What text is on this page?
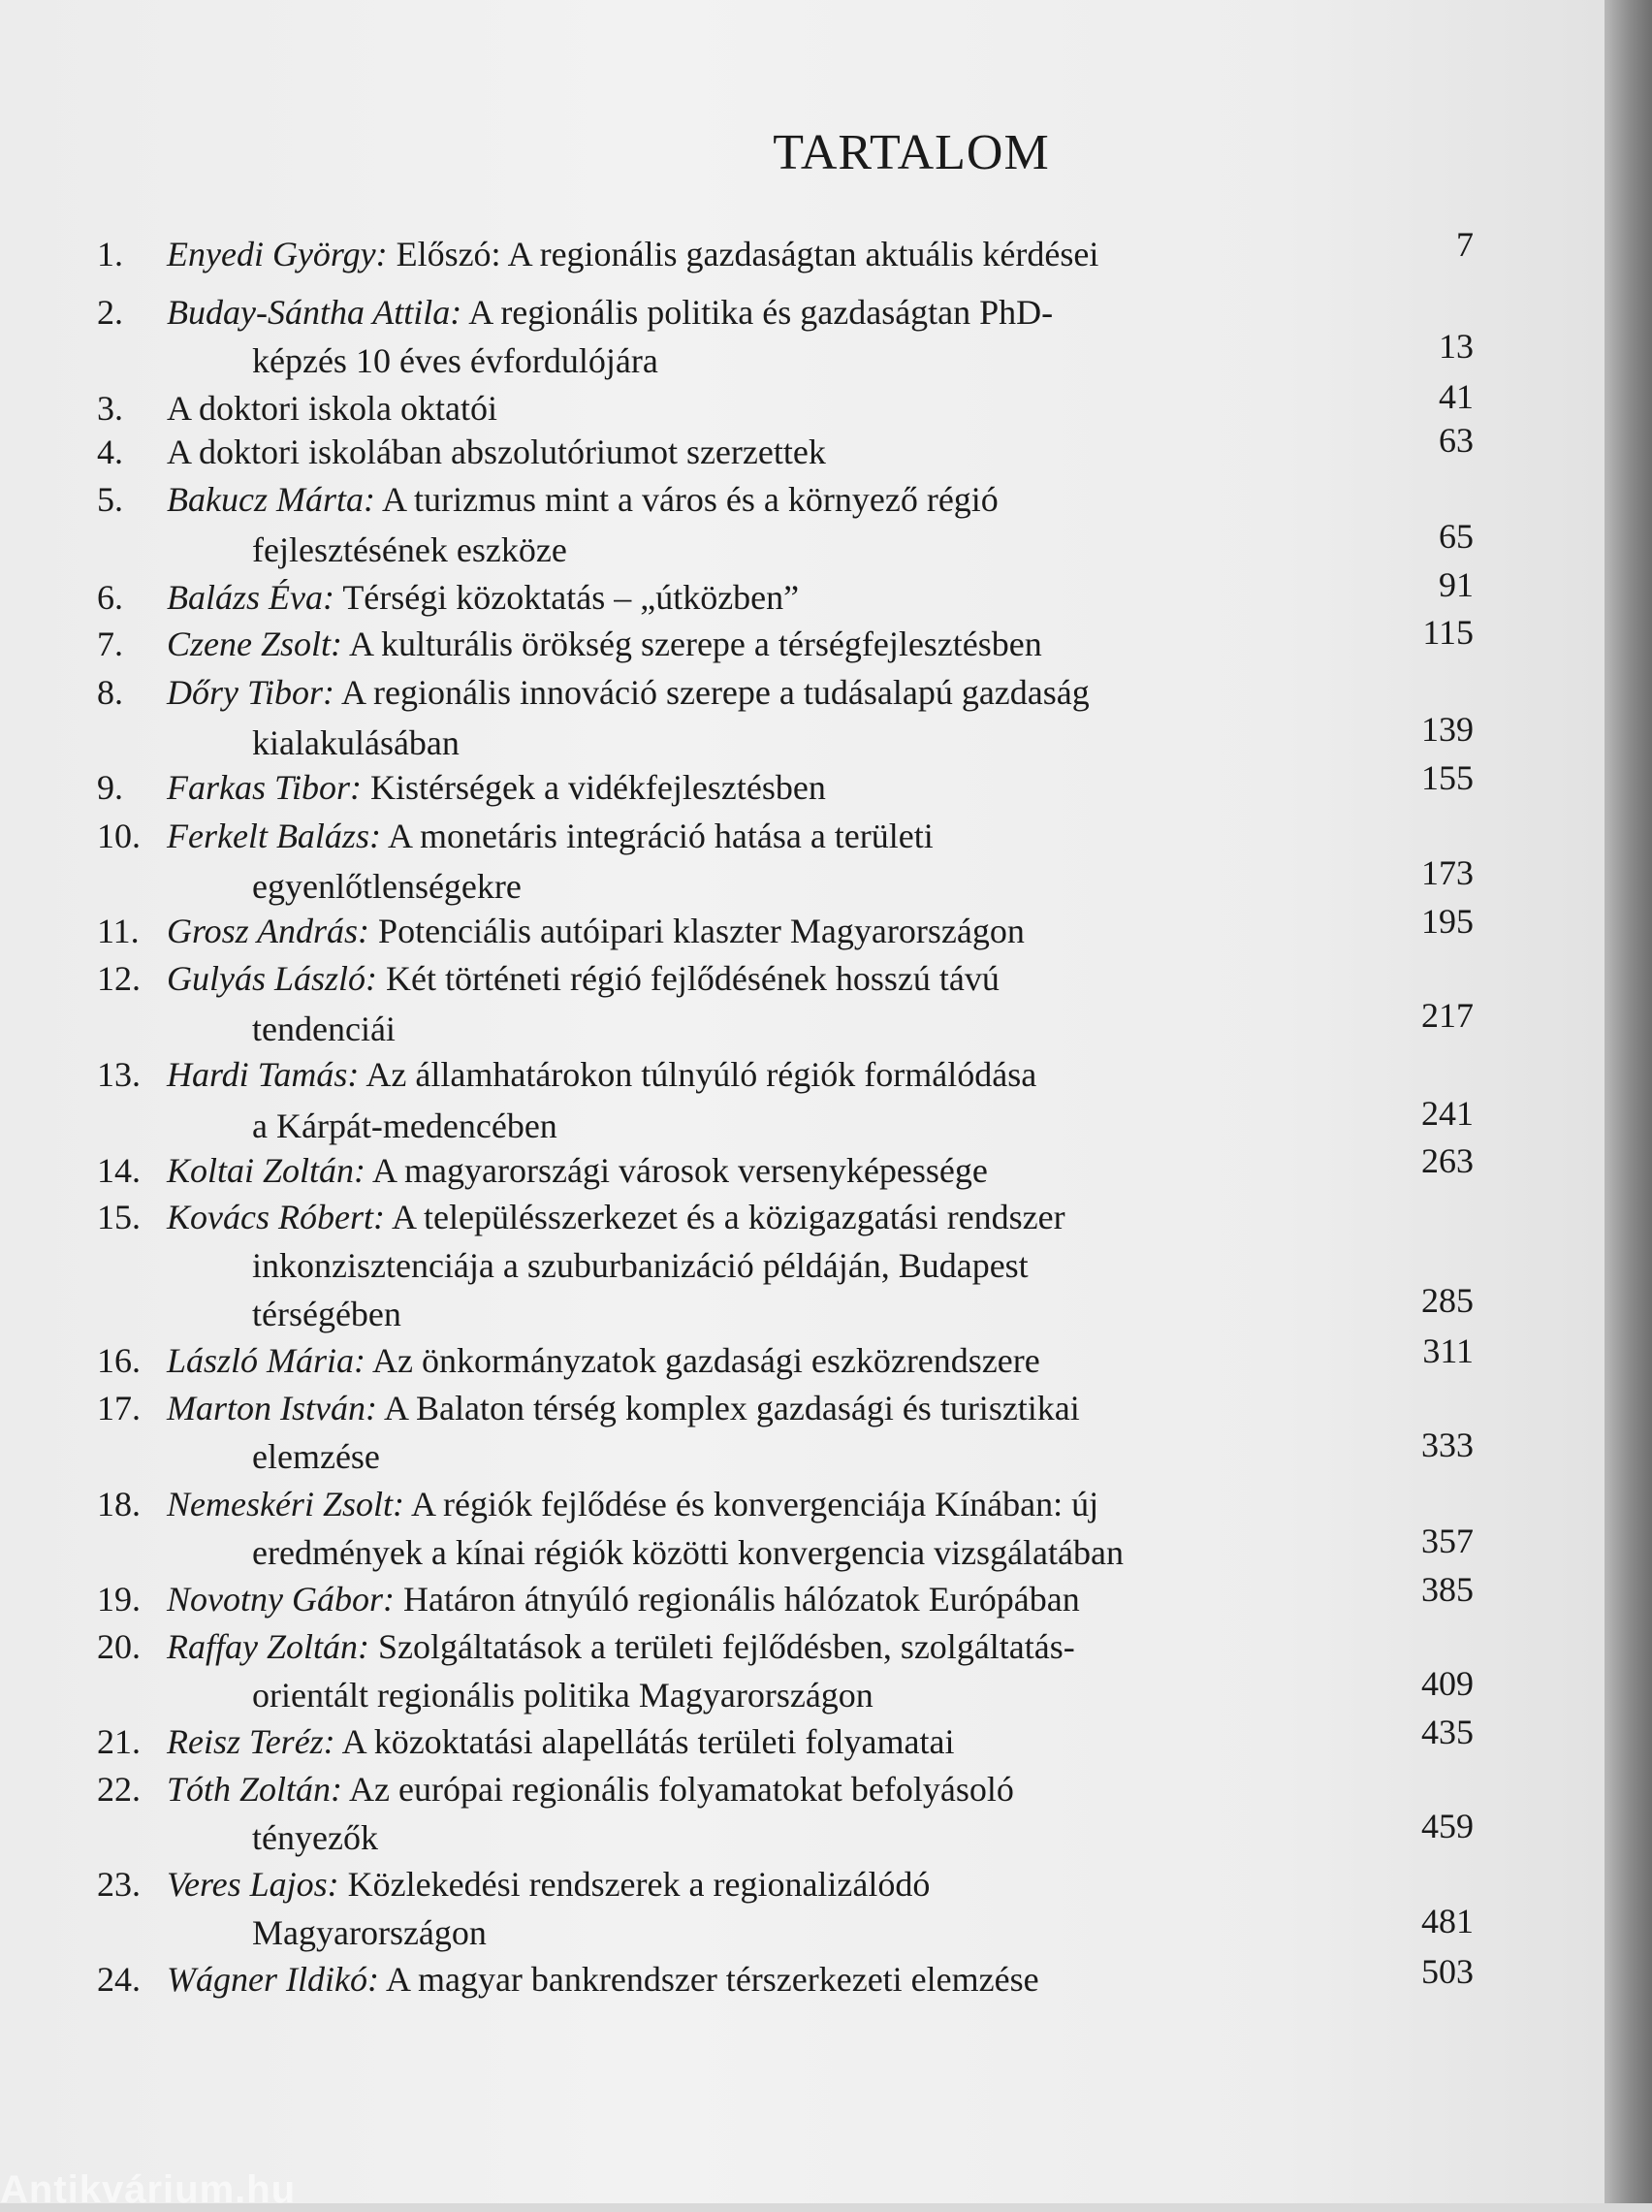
TARTALOM
1. Enyedi György: Előszó: A regionális gazdaságtan aktuális kérdései	7
2. Buday-Sántha Attila: A regionális politika és gazdaságtan PhD-
képzés 10 éves évfordulójára	13
3. A doktori iskola oktatói	41
4. A doktori iskolában abszolutóriumot szerzettek	63
5. Bakucz Márta: A turizmus mint a város és a környező régió
fejlesztésének eszköze	65
6. Balázs Éva: Térségi közoktatás – „útközben”	91
7. Czene Zsolt: A kulturális örökség szerepe a térségfejlesztésben	115
8. Dőry Tibor: A regionális innováció szerepe a tudásalapú gazdaság
kialakulásában	139
9. Farkas Tibor: Kistérségek a vidékfejlesztésben	155
10. Ferkelt Balázs: A monetáris integráció hatása a területi
egyenlőtlenségekre	173
11. Grosz András: Potenciális autóipari klaszter Magyarországon	195
12. Gulyás László: Két történeti régió fejlődésének hosszú távú
tendenciái	217
13. Hardi Tamás: Az államhatárokon túlnyúló régiók formálódása
a Kárpát-medencében	241
14. Koltai Zoltán: A magyarországi városok versenyképessége	263
15. Kovács Róbert: A településszerkezet és a közigazgatási rendszer
inkonzisztenciája a szuburbanizáció példáján, Budapest
térségében	285
16. László Mária: Az önkormányzatok gazdasági eszközrendszere	311
17. Marton István: A Balaton térség komplex gazdasági és turisztikai
elemzése	333
18. Nemeskéri Zsolt: A régiók fejlődése és konvergenciája Kínában: új
eredmények a kínai régiók közötti konvergencia vizsgálatában	357
19. Novotny Gábor: Határon átnyúló regionális hálózatok Európában	385
20. Raffay Zoltán: Szolgáltatások a területi fejlődésben, szolgáltatás-
orientált regionális politika Magyarországon	409
21. Reisz Teréz: A közoktatási alapellátás területi folyamatai	435
22. Tóth Zoltán: Az európai regionális folyamatokat befolyásoló
tényezők	459
23. Veres Lajos: Közlekedési rendszerek a regionalizálódó
Magyarországon	481
24. Wágner Ildikó: A magyar bankrendszer térszerkezeti elemzése	503
Antikvárium.hu
